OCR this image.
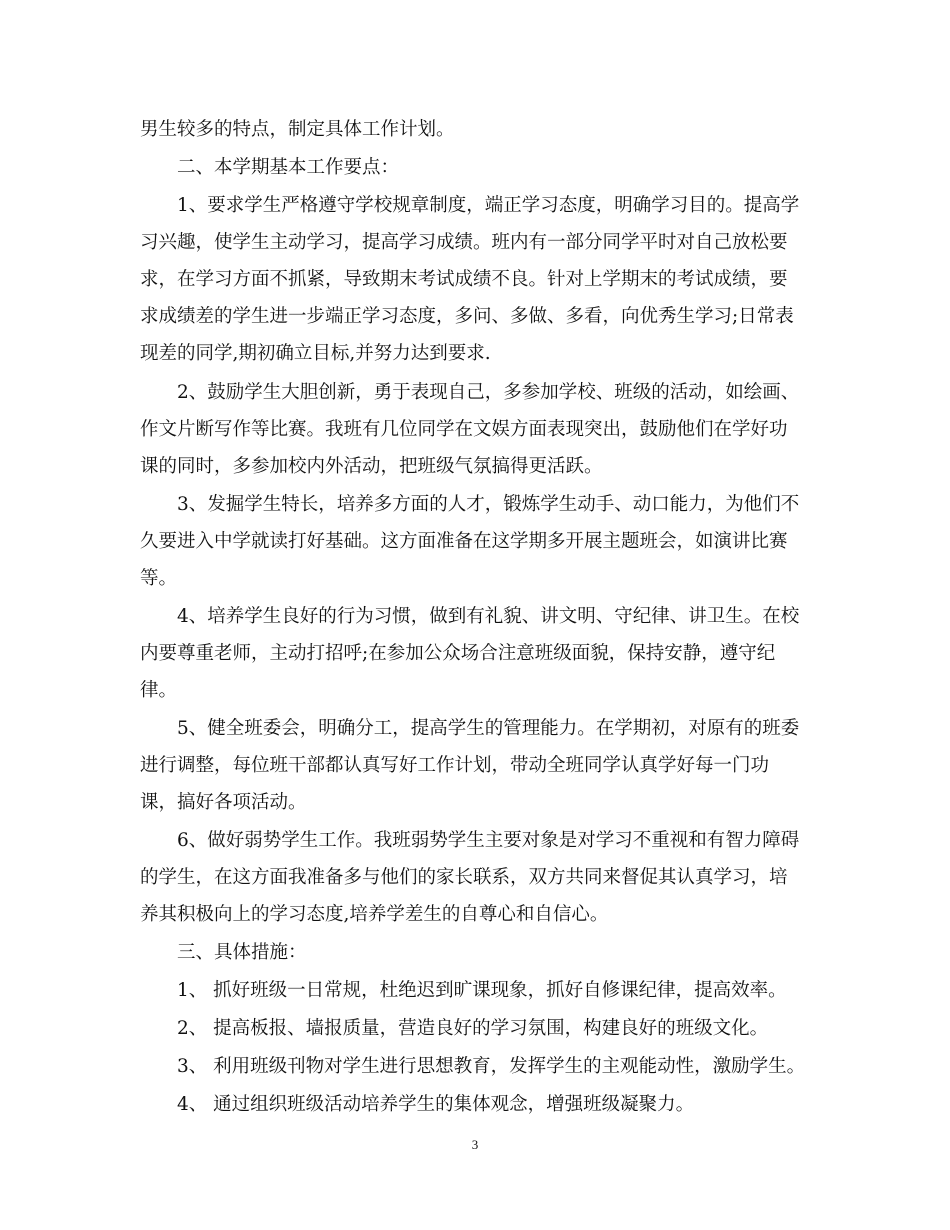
男生较多的特点，制定具体工作计划。
二、本学期基本工作要点：
1、要求学生严格遵守学校规章制度，端正学习态度，明确学习目的。提高学
习兴趣，使学生主动学习，提高学习成绩。班内有一部分同学平时对自己放松要
求，在学习方面不抓紧，导致期末考试成绩不良。针对上学期末的考试成绩，要
求成绩差的学生进一步端正学习态度，多问、多做、多看，向优秀生学习;日常表
现差的同学,期初确立目标,并努力达到要求.
2、鼓励学生大胆创新，勇于表现自己，多参加学校、班级的活动，如绘画、
作文片断写作等比赛。我班有几位同学在文娱方面表现突出，鼓励他们在学好功
课的同时，多参加校内外活动，把班级气氛搞得更活跃。
3、发掘学生特长，培养多方面的人才，锻炼学生动手、动口能力，为他们不
久要进入中学就读打好基础。这方面准备在这学期多开展主题班会，如演讲比赛
等。
4、培养学生良好的行为习惯，做到有礼貌、讲文明、守纪律、讲卫生。在校
内要尊重老师，主动打招呼;在参加公众场合注意班级面貌，保持安静，遵守纪
律。
5、健全班委会，明确分工，提高学生的管理能力。在学期初，对原有的班委
进行调整，每位班干部都认真写好工作计划，带动全班同学认真学好每一门功
课，搞好各项活动。
6、做好弱势学生工作。我班弱势学生主要对象是对学习不重视和有智力障碍
的学生，在这方面我准备多与他们的家长联系，双方共同来督促其认真学习，培
养其积极向上的学习态度,培养学差生的自尊心和自信心。
三、具体措施：
1、 抓好班级一日常规，杜绝迟到旷课现象，抓好自修课纪律，提高效率。
2、 提高板报、墙报质量，营造良好的学习氛围，构建良好的班级文化。
3、 利用班级刊物对学生进行思想教育，发挥学生的主观能动性，激励学生。
4、 通过组织班级活动培养学生的集体观念，增强班级凝聚力。
3
